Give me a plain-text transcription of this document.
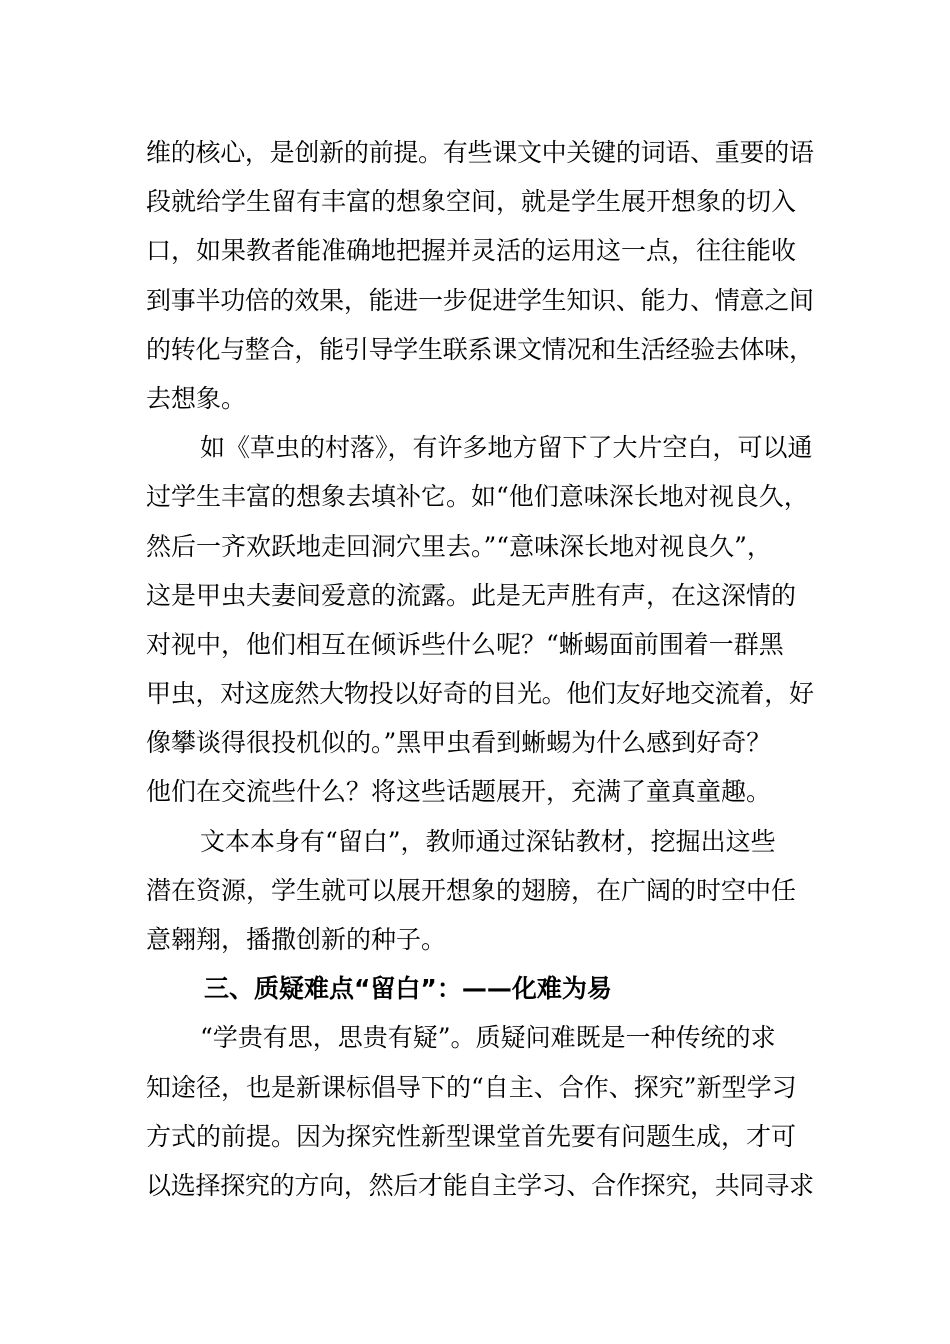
维的核心，是创新的前提。有些课文中关键的词语、重要的语
段就给学生留有丰富的想象空间，就是学生展开想象的切入
口，如果教者能准确地把握并灵活的运用这一点，往往能收
到事半功倍的效果，能进一步促进学生知识、能力、情意之间
的转化与整合，能引导学生联系课文情况和生活经验去体味，
去想象。
如《草虫的村落》，有许多地方留下了大片空白，可以通
过学生丰富的想象去填补它。如“他们意味深长地对视良久，
然后一齐欢跃地走回洞穴里去。”“意味深长地对视良久”，
这是甲虫夫妻间爱意的流露。此是无声胜有声，在这深情的
对视中，他们相互在倾诉些什么呢？“蜥蜴面前围着一群黑
甲虫，对这庞然大物投以好奇的目光。他们友好地交流着，好
像攀谈得很投机似的。”黑甲虫看到蜥蜴为什么感到好奇？
他们在交流些什么？将这些话题展开，充满了童真童趣。
文本本身有“留白”，教师通过深钻教材，挖掘出这些
潜在资源，学生就可以展开想象的翅膀，在广阔的时空中任
意翱翔，播撒创新的种子。
三、质疑难点“留白”：——化难为易
“学贵有思，思贵有疑”。质疑问难既是一种传统的求
知途径，也是新课标倡导下的“自主、合作、探究”新型学习
方式的前提。因为探究性新型课堂首先要有问题生成，才可
以选择探究的方向，然后才能自主学习、合作探究，共同寻求
